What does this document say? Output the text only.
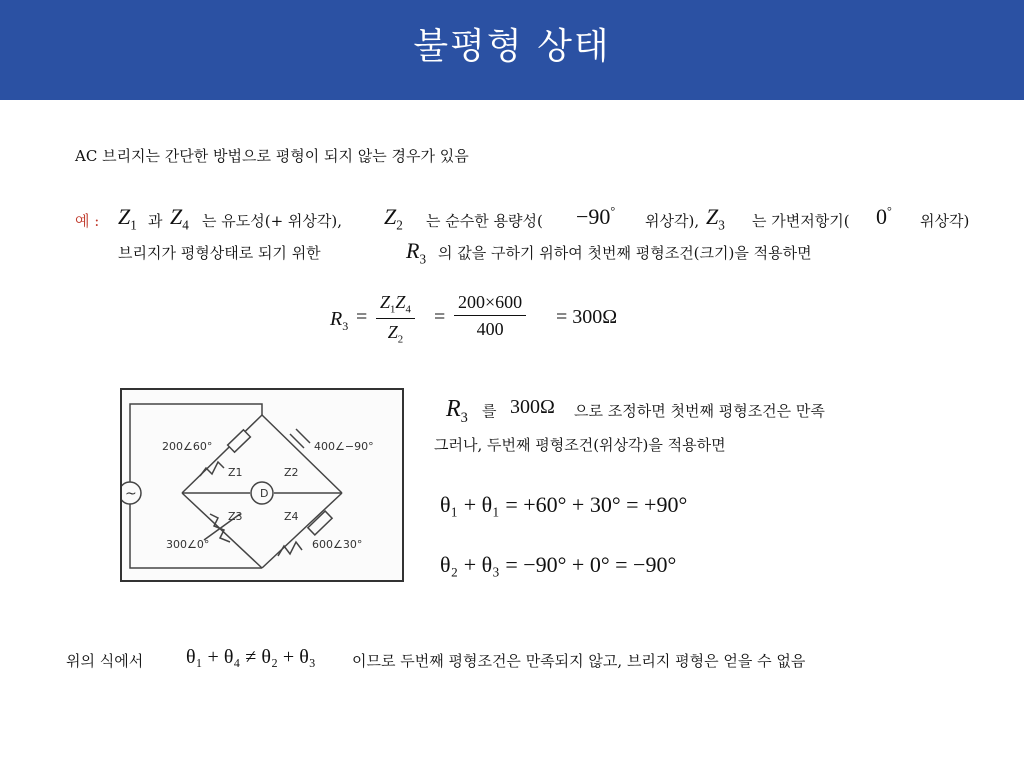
불평형 상태
AC 브리지는 간단한 방법으로 평형이 되지 않는 경우가 있음
예 : $Z_1$ 과 $Z_4$ 는 유도성(+ 위상각), $Z_2$ 는 순수한 용량성( −90°
위상각), $Z_3$ 는 가변저항기( 0°
위상각)
브리지가 평형상태로 되기 위한	$R_3$ 의 값을 구하기 위하여 첫번째 평형조건(크기)을 적용하면
$R_3 = \frac{Z_1Z_4}{Z_2} = \frac{200\times 600}{400} = 300\Omega$
D
~
200∠60°	400∠−90°
300∠0°	600∠30°
Z1	Z2
Z3	Z4
$R_3$ 를 300Ω 으로 조정하면 첫번째 평형조건은 만족
그러나, 두번째 평형조건(위상각)을 적용하면
θ₁ + θ₁ = +60° + 30° = +90°
θ₂ + θ₃ = −90° + 0° = −90°
위의 식에서 θ₁ + θ₄ ≠ θ₂ + θ₃ 이므로 두번째 평형조건은 만족되지 않고, 브리지 평형은 얻을 수 없음
